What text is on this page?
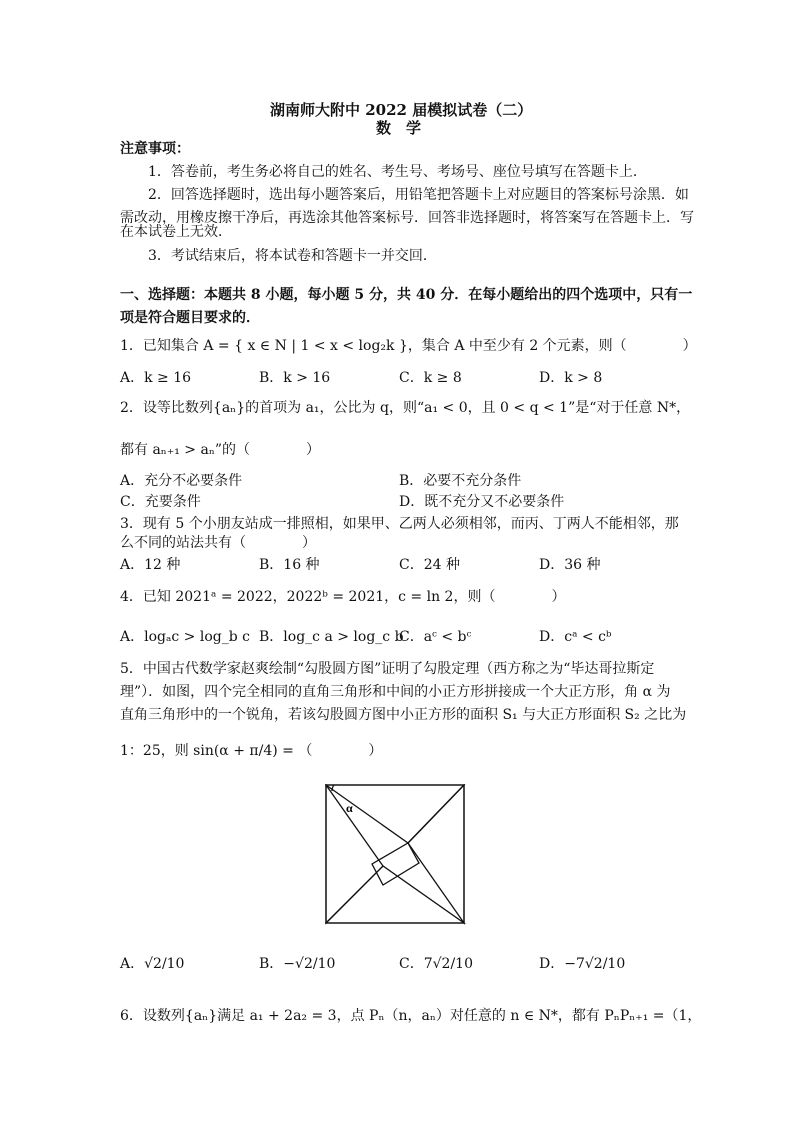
湖南师大附中 2022 届模拟试卷（二）
数　学
注意事项：
1．答卷前，考生务必将自己的姓名、考生号、考场号、座位号填写在答题卡上．
2．回答选择题时，选出每小题答案后，用铅笔把答题卡上对应题目的答案标号涂黑．如
需改动，用橡皮擦干净后，再选涂其他答案标号．回答非选择题时，将答案写在答题卡上．写
在本试卷上无效．
3．考试结束后，将本试卷和答题卡一并交回．
一、选择题：本题共 8 小题，每小题 5 分，共 40 分．在每小题给出的四个选项中，只有一
项是符合题目要求的．
1．已知集合 A = { x ∈ N | 1 < x < log₂k }，集合 A 中至少有 2 个元素，则（　　　　）
A．k ≥ 16	B．k > 16	C．k ≥ 8	D．k > 8
2．设等比数列{aₙ}的首项为 a₁，公比为 q，则“a₁ < 0，且 0 < q < 1”是“对于任意 N*，
都有 aₙ₊₁ > aₙ”的（　　　　）
A．充分不必要条件	B．必要不充分条件
C．充要条件	D．既不充分又不必要条件
3．现有 5 个小朋友站成一排照相，如果甲、乙两人必须相邻，而丙、丁两人不能相邻，那
么不同的站法共有（　　　　）
A．12 种	B．16 种	C．24 种	D．36 种
4．已知 2021ᵃ = 2022，2022ᵇ = 2021，c = ln 2，则（　　　　）
A．logₐc > log_b c B．log_c a > log_c b
C．aᶜ < bᶜ	D．cᵃ < cᵇ
5．中国古代数学家赵爽绘制“勾股圆方图”证明了勾股定理（西方称之为“毕达哥拉斯定
理”）．如图，四个完全相同的直角三角形和中间的小正方形拼接成一个大正方形，角 α 为
直角三角形中的一个锐角，若该勾股圆方图中小正方形的面积 S₁ 与大正方形面积 S₂ 之比为
1：25，则 sin(α + π/4) = （　　　　）
α
A．√2/10	B．−√2/10	C．7√2/10	D．−7√2/10
6．设数列{aₙ}满足 a₁ + 2a₂ = 3，点 Pₙ（n，aₙ）对任意的 n ∈ N*，都有 PₙPₙ₊₁ =（1，
